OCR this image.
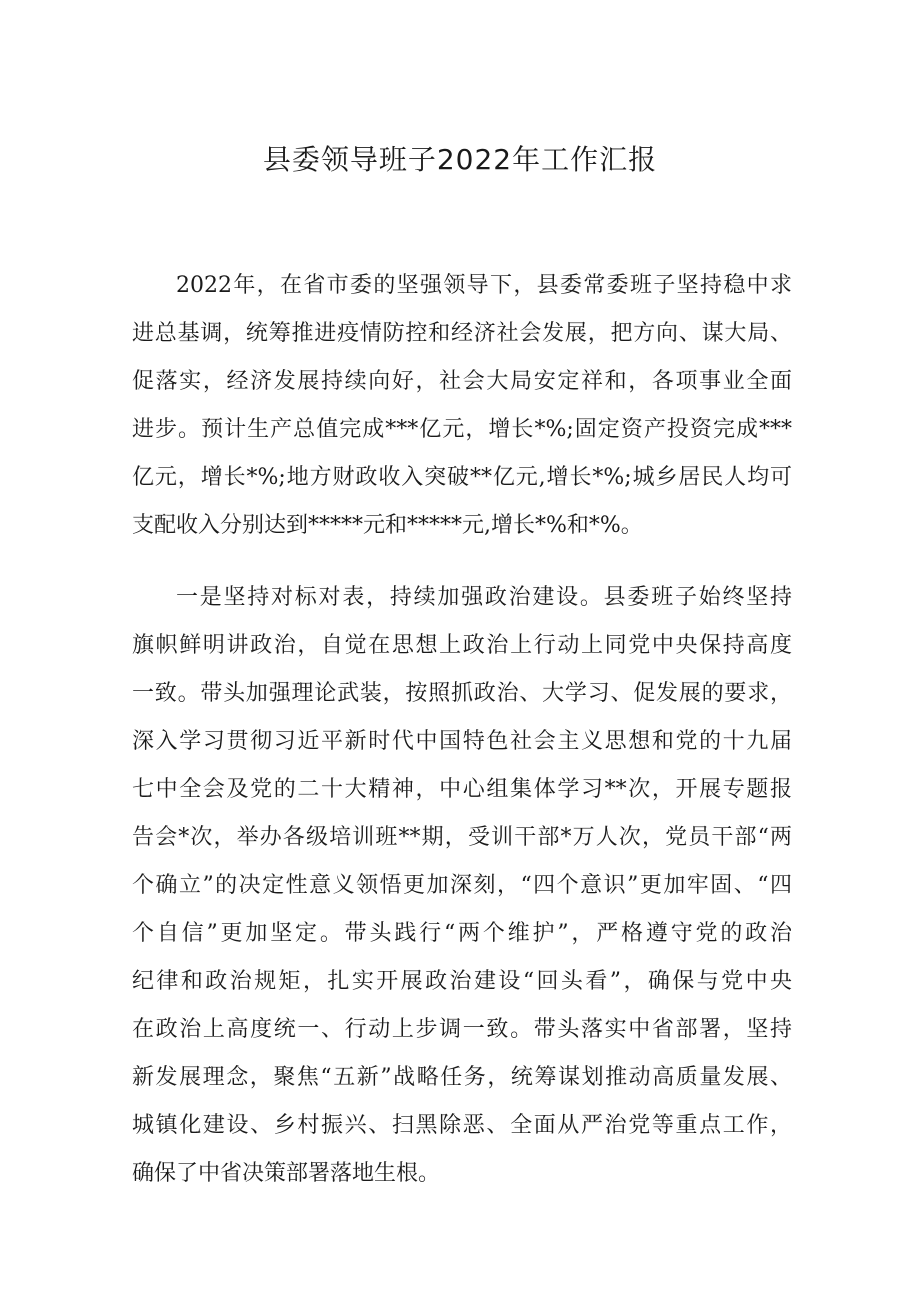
县委领导班子2022年工作汇报
2022年，在省市委的坚强领导下，县委常委班子坚持稳中求
进总基调，统筹推进疫情防控和经济社会发展，把方向、谋大局、
促落实，经济发展持续向好，社会大局安定祥和，各项事业全面
进步。预计生产总值完成***亿元，增长*%;固定资产投资完成***
亿元，增长*%;地方财政收入突破**亿元,增长*%;城乡居民人均可
支配收入分别达到*****元和*****元,增长*%和*%。
一是坚持对标对表，持续加强政治建设。县委班子始终坚持
旗帜鲜明讲政治，自觉在思想上政治上行动上同党中央保持高度
一致。带头加强理论武装，按照抓政治、大学习、促发展的要求，
深入学习贯彻习近平新时代中国特色社会主义思想和党的十九届
七中全会及党的二十大精神，中心组集体学习**次，开展专题报
告会*次，举办各级培训班**期，受训干部*万人次，党员干部“两
个确立”的决定性意义领悟更加深刻，“四个意识”更加牢固、“四
个自信”更加坚定。带头践行“两个维护”，严格遵守党的政治
纪律和政治规矩，扎实开展政治建设“回头看”，确保与党中央
在政治上高度统一、行动上步调一致。带头落实中省部署，坚持
新发展理念，聚焦“五新”战略任务，统筹谋划推动高质量发展、
城镇化建设、乡村振兴、扫黑除恶、全面从严治党等重点工作，
确保了中省决策部署落地生根。
